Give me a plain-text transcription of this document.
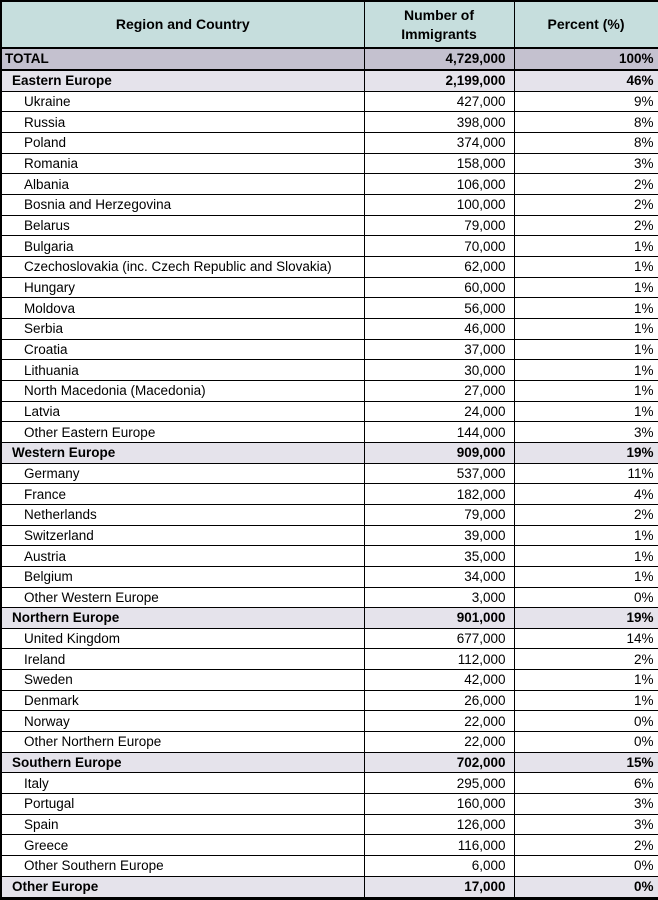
Region and Country	Number of Immigrants	Percent (%)
TOTAL	4,729,000	100%
Eastern Europe	2,199,000	46%
Ukraine	427,000	9%
Russia	398,000	8%
Poland	374,000	8%
Romania	158,000	3%
Albania	106,000	2%
Bosnia and Herzegovina	100,000	2%
Belarus	79,000	2%
Bulgaria	70,000	1%
Czechoslovakia (inc. Czech Republic and Slovakia)	62,000	1%
Hungary	60,000	1%
Moldova	56,000	1%
Serbia	46,000	1%
Croatia	37,000	1%
Lithuania	30,000	1%
North Macedonia (Macedonia)	27,000	1%
Latvia	24,000	1%
Other Eastern Europe	144,000	3%
Western Europe	909,000	19%
Germany	537,000	11%
France	182,000	4%
Netherlands	79,000	2%
Switzerland	39,000	1%
Austria	35,000	1%
Belgium	34,000	1%
Other Western Europe	3,000	0%
Northern Europe	901,000	19%
United Kingdom	677,000	14%
Ireland	112,000	2%
Sweden	42,000	1%
Denmark	26,000	1%
Norway	22,000	0%
Other Northern Europe	22,000	0%
Southern Europe	702,000	15%
Italy	295,000	6%
Portugal	160,000	3%
Spain	126,000	3%
Greece	116,000	2%
Other Southern Europe	6,000	0%
Other Europe	17,000	0%
